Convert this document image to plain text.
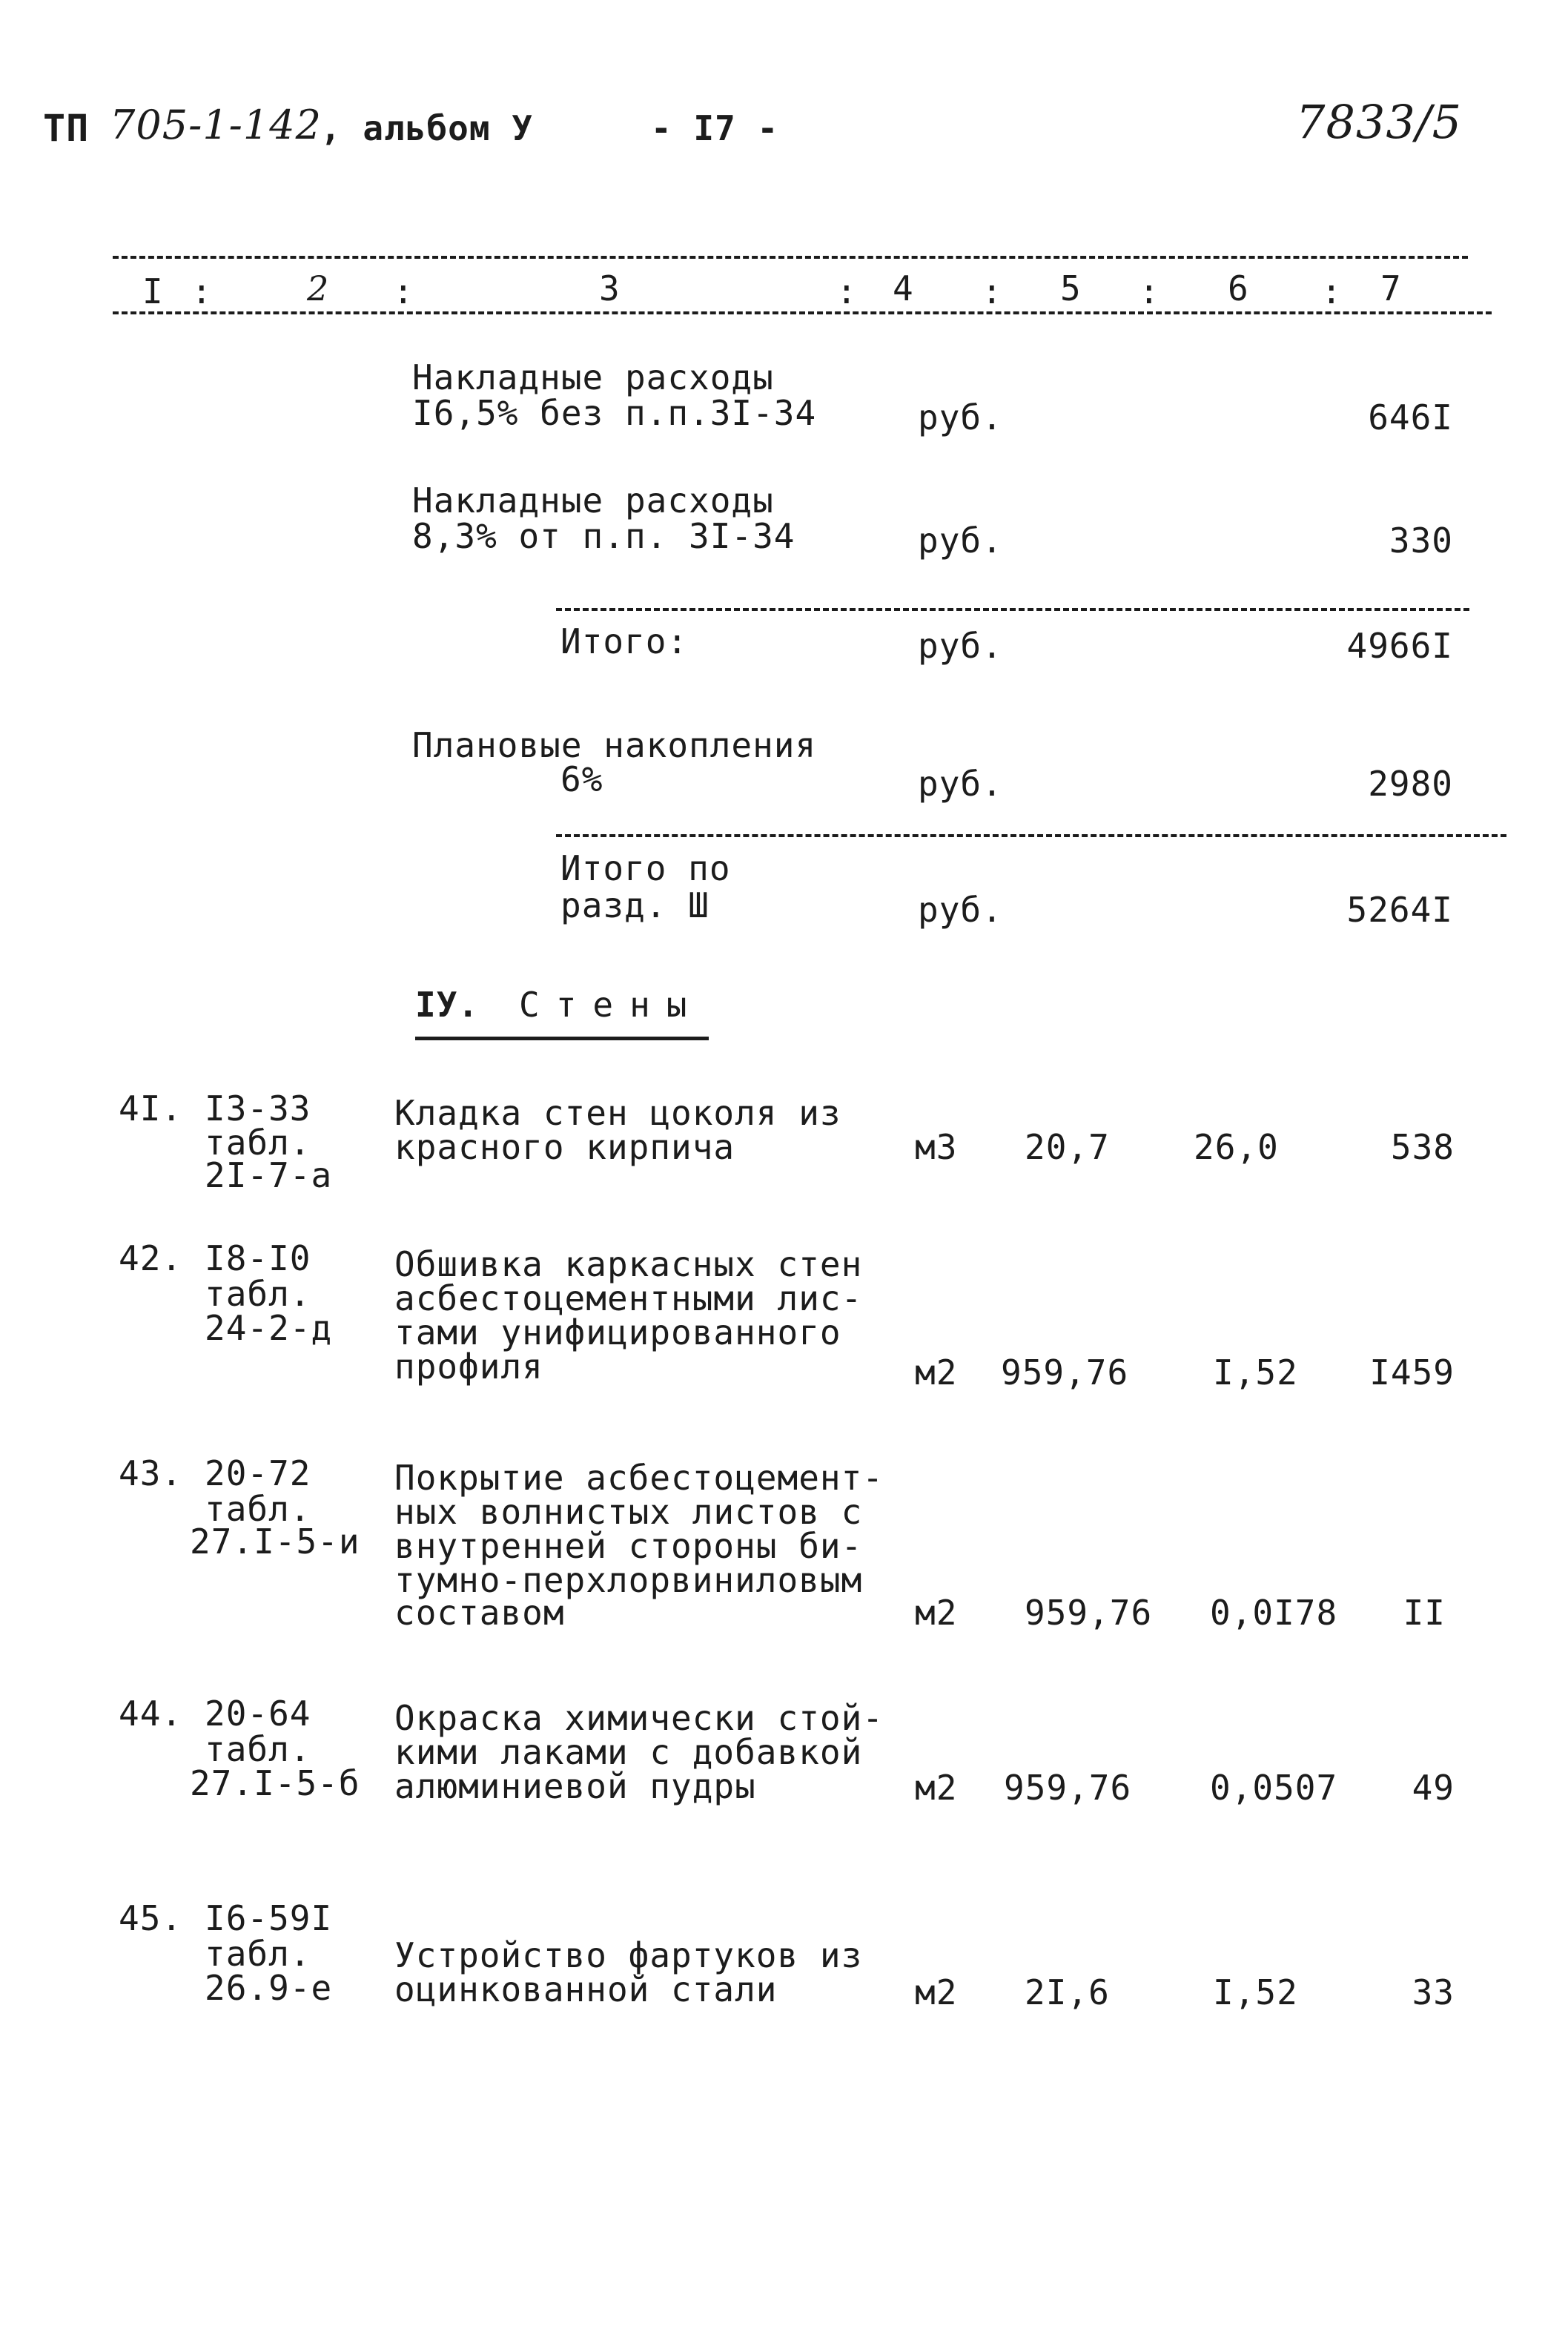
ТП 705-1-142
, альбом У	- I7 -	7833/5
I	2	3	4	5	6	7
:	:	:	:	:	:
Накладные расходы
I6,5% без п.п.3I-34	руб.	646I
Накладные расходы
8,3% от п.п. 3I-34	руб.	330
Итого:	руб.	4966I
Плановые накопления
6%	руб.	2980
Итого по
разд. Ш	руб.	5264I
IУ. Стены
4I. I3-33
табл.
2I-7-а
Кладка стен цоколя из
красного кирпича	м3 20,7 26,0	538
42. I8-I0
табл.
24-2-д
Обшивка каркасных стен
асбестоцементными лис-
тами унифицированного
профиля	м2 959,76 I,52	I459
43. 20-72
табл.
27.I-5-и
Покрытие асбестоцемент-
ных волнистых листов с
внутренней стороны би-
тумно-перхлорвиниловым
составом	м2 959,76 0,0I78	II
44. 20-64
табл.
27.I-5-б
Окраска химически стой-
кими лаками с добавкой
алюминиевой пудры	м2 959,76 0,0507	49
45. I6-59I
табл.
26.9-е
Устройство фартуков из
оцинкованной стали	м2 2I,6	I,52	33
